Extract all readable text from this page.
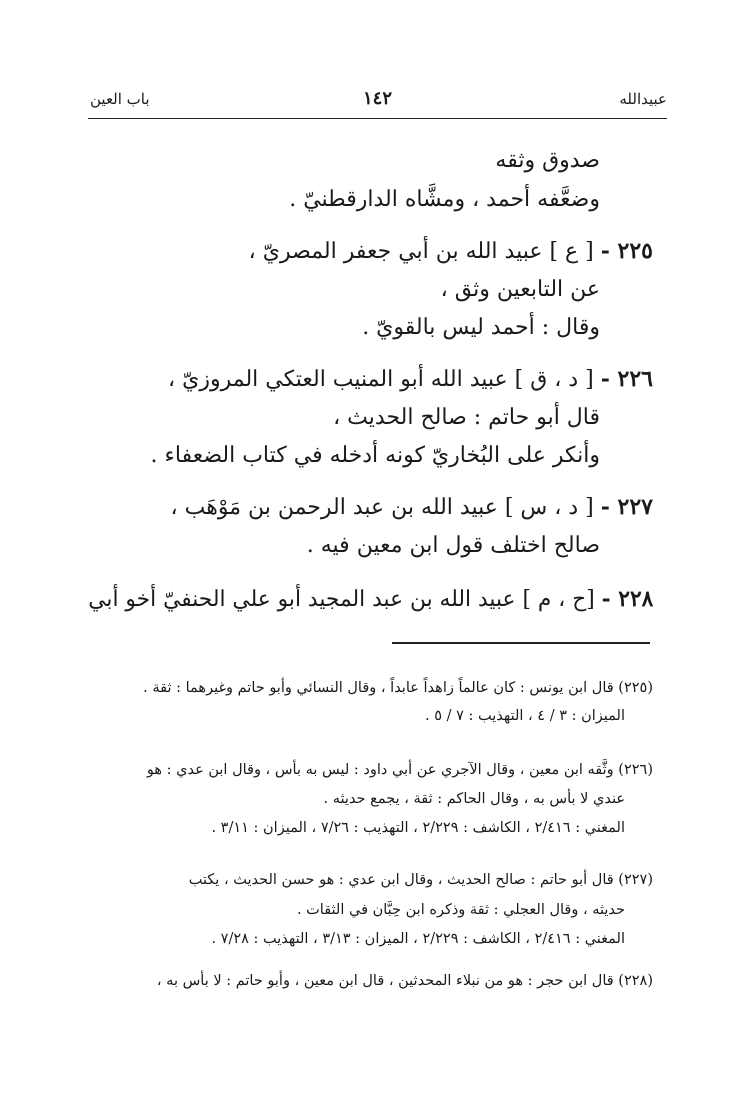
عبيدالله
١٤٢
باب العين
صدوق وثقه
وضعَّفه أحمد ، ومشَّاه الدارقطنيّ .
٢٢٥ - [ ع ] عبيد الله بن أبي جعفر المصريّ ،
عن التابعين وثق ،
وقال : أحمد ليس بالقويّ .
٢٢٦ - [ د ، ق ] عبيد الله أبو المنيب العتكي المروزيّ ،
قال أبو حاتم : صالح الحديث ،
وأنكر على البُخاريّ كونه أدخله في كتاب الضعفاء .
٢٢٧ - [ د ، س ] عبيد الله بن عبد الرحمن بن مَوْهَب ،
صالح اختلف قول ابن معين فيه .
٢٢٨ - [ح ، م ] عبيد الله بن عبد المجيد أبو علي الحنفيّ أخو أبي
(٢٢٥) قال ابن يونس : كان عالماً زاهداً عابداً ، وقال النسائي وأبو حاتم وغيرهما : ثقة .
الميزان : ٣ / ٤ ، التهذيب : ٧ / ٥ .
(٢٢٦) وثَّقه ابن معين ، وقال الآجري عن أبي داود : ليس به بأس ، وقال ابن عدي : هو
عندي لا بأس به ، وقال الحاكم : ثقة ، يجمع حديثه .
المغني : ٢/٤١٦ ، الكاشف : ٢/٢٢٩ ، التهذيب : ٧/٢٦ ، الميزان : ٣/١١ .
(٢٢٧) قال أبو حاتم : صالح الحديث ، وقال ابن عدي : هو حسن الحديث ، يكتب
حديثه ، وقال العجلي : ثقة وذكره ابن حِبَّان في الثقات .
المغني : ٢/٤١٦ ، الكاشف : ٢/٢٢٩ ، الميزان : ٣/١٣ ، التهذيب : ٧/٢٨ .
(٢٢٨) قال ابن حجر : هو من نبلاء المحدثين ، قال ابن معين ، وأبو حاتم : لا بأس به ،
